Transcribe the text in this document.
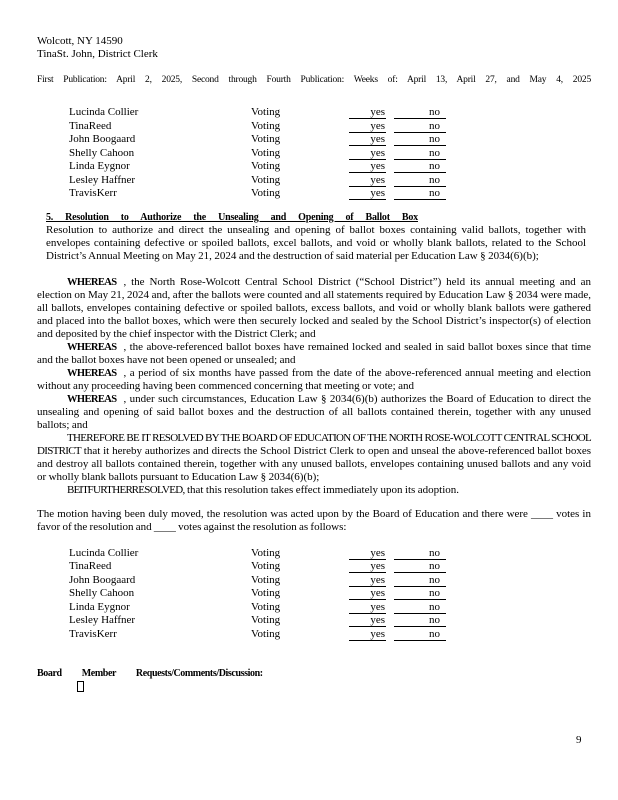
Wolcott, NY 14590
TinaSt. John, District Clerk
First Publication: April 2, 2025, Second through Fourth Publication: Weeks of: April 13, April 27, and May 4, 2025
Lucinda Collier	Voting	yes	no
TinaReed	Voting	yes	no
John Boogaard	Voting	yes	no
Shelly Cahoon	Voting	yes	no
Linda Eygnor	Voting	yes	no
Lesley Haffner	Voting	yes	no
TravisKerr	Voting	yes	no
5. Resolution to Authorize the Unsealing and Opening of Ballot Box

Resolution to authorize and direct the unsealing and opening of ballot boxes containing valid ballots, together with envelopes containing defective or spoiled ballots, excel ballots, and void or wholly blank ballots, related to the School District’s Annual Meeting on May 21, 2024 and the destruction of said material per Education Law § 2034(6)(b);

WHEREAS , the North Rose-Wolcott Central School District (“School District”) held its annual meeting and an election on May 21, 2024 and, after the ballots were counted and all statements required by Education Law § 2034 were made, all ballots, envelopes containing defective or spoiled ballots, excess ballots, and void or wholly blank ballots were gathered and placed into the ballot boxes, which were then securely locked and sealed by the School District’s inspector(s) of election and deposited by the chief inspector with the District Clerk; and

WHEREAS , the above-referenced ballot boxes have remained locked and sealed in said ballot boxes since that time and the ballot boxes have not been opened or unsealed; and

WHEREAS , a period of six months have passed from the date of the above-referenced annual meeting and election without any proceeding having been commenced concerning that meeting or vote; and

WHEREAS , under such circumstances, Education Law § 2034(6)(b) authorizes the Board of Education to direct the unsealing and opening of said ballot boxes and the destruction of all ballots contained therein, together with any unused ballots; and

THEREFORE BE IT RESOLVED BY THE BOARD OF EDUCATION OF THE NORTH ROSE-WOLCOTT CENTRAL SCHOOL DISTRICT that it hereby authorizes and directs the School District Clerk to open and unseal the above-referenced ballot boxes and destroy all ballots contained therein, together with any unused ballots, envelopes containing unused ballots and any void or wholly blank ballots pursuant to Education Law § 2034(6)(b);

BE IT FURTHER RESOLVED, that this resolution takes effect immediately upon its adoption.

The motion having been duly moved, the resolution was acted upon by the Board of Education and there were ____ votes in favor of the resolution and ____ votes against the resolution as follows:

Lucinda Collier	Voting	yes	no
TinaReed	Voting	yes	no
John Boogaard	Voting	yes	no
Shelly Cahoon	Voting	yes	no
Linda Eygnor	Voting	yes	no
Lesley Haffner	Voting	yes	no
TravisKerr	Voting	yes	no
Board Member Requests/Comments/Discussion:
9
